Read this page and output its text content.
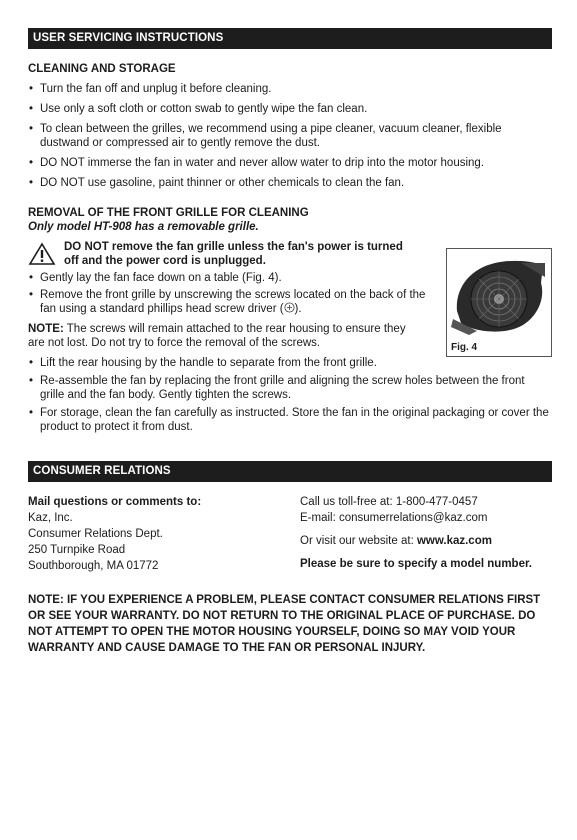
USER SERVICING INSTRUCTIONS
CLEANING AND STORAGE
• Turn the fan off and unplug it before cleaning.
• Use only a soft cloth or cotton swab to gently wipe the fan clean.
• To clean between the grilles, we recommend using a pipe cleaner, vacuum cleaner, flexible dustwand or compressed air to gently remove the dust.
• DO NOT immerse the fan in water and never allow water to drip into the motor housing.
• DO NOT use gasoline, paint thinner or other chemicals to clean the fan.
REMOVAL OF THE FRONT GRILLE FOR CLEANING
Only model HT-908 has a removable grille.
DO NOT remove the fan grille unless the fan's power is turned off and the power cord is unplugged.
• Gently lay the fan face down on a table (Fig. 4).
• Remove the front grille by unscrewing the screws located on the back of the fan using a standard phillips head screw driver ( ).
NOTE: The screws will remain attached to the rear housing to ensure they are not lost. Do not try to force the removal of the screws.
• Lift the rear housing by the handle to separate from the front grille.
• Re-assemble the fan by replacing the front grille and aligning the screw holes between the front grille and the fan body. Gently tighten the screws.
• For storage, clean the fan carefully as instructed. Store the fan in the original packaging or cover the product to protect it from dust.
Fig. 4
CONSUMER RELATIONS
Mail questions or comments to:
Kaz, Inc.
Consumer Relations Dept.
250 Turnpike Road
Southborough, MA 01772
Call us toll-free at: 1-800-477-0457
E-mail: consumerrelations@kaz.com
Or visit our website at: www.kaz.com
Please be sure to specify a model number.
NOTE: IF YOU EXPERIENCE A PROBLEM, PLEASE CONTACT CONSUMER RELATIONS FIRST OR SEE YOUR WARRANTY. DO NOT RETURN TO THE ORIGINAL PLACE OF PURCHASE. DO NOT ATTEMPT TO OPEN THE MOTOR HOUSING YOURSELF, DOING SO MAY VOID YOUR WARRANTY AND CAUSE DAMAGE TO THE FAN OR PERSONAL INJURY.
